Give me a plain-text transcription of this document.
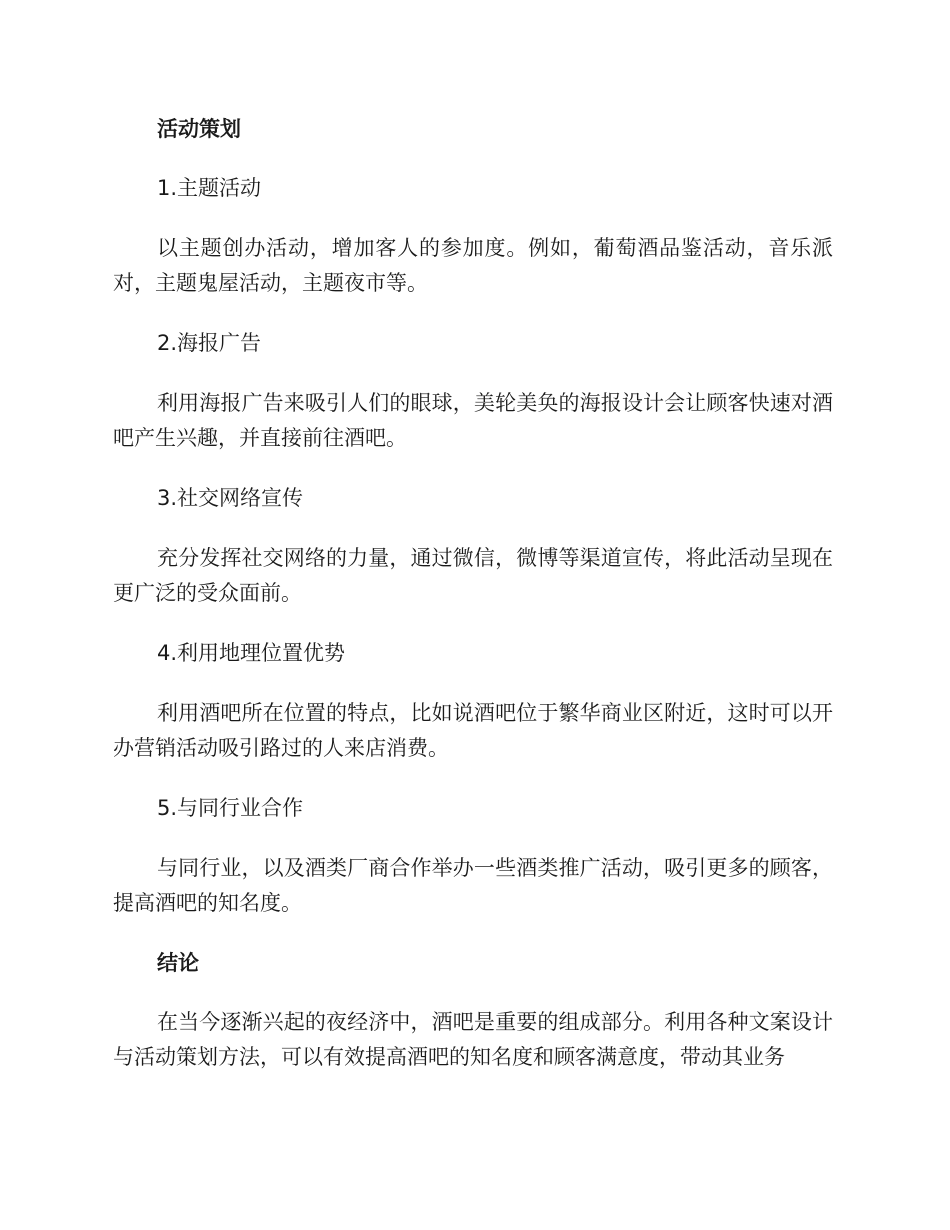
活动策划
1.主题活动
以主题创办活动，增加客人的参加度。例如，葡萄酒品鉴活动，音乐派对，主题鬼屋活动，主题夜市等。
2.海报广告
利用海报广告来吸引人们的眼球，美轮美奂的海报设计会让顾客快速对酒吧产生兴趣，并直接前往酒吧。
3.社交网络宣传
充分发挥社交网络的力量，通过微信，微博等渠道宣传，将此活动呈现在更广泛的受众面前。
4.利用地理位置优势
利用酒吧所在位置的特点，比如说酒吧位于繁华商业区附近，这时可以开办营销活动吸引路过的人来店消费。
5.与同行业合作
与同行业，以及酒类厂商合作举办一些酒类推广活动，吸引更多的顾客，提高酒吧的知名度。
结论
在当今逐渐兴起的夜经济中，酒吧是重要的组成部分。利用各种文案设计与活动策划方法，可以有效提高酒吧的知名度和顾客满意度，带动其业务
